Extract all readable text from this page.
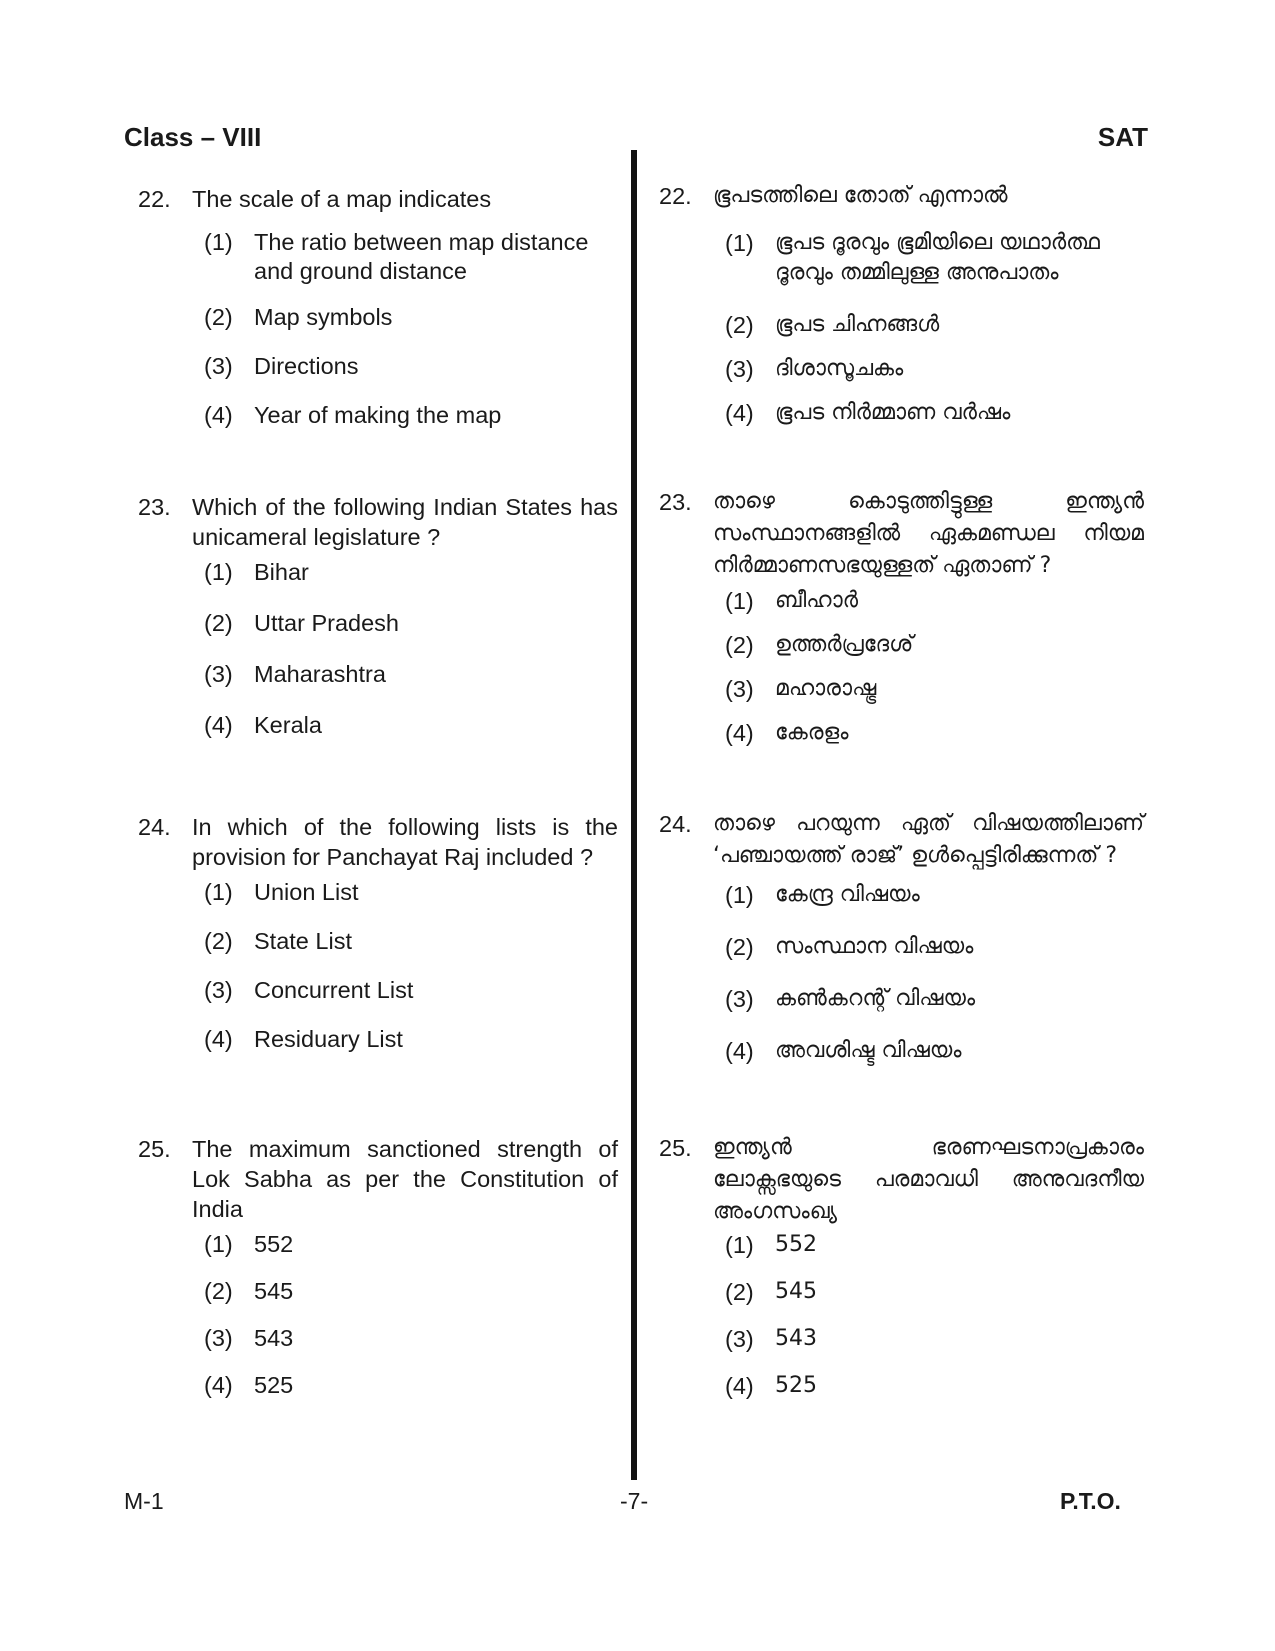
Class – VIII	SAT
22. The scale of a map indicates
(1) The ratio between map distance and ground distance
(2) Map symbols
(3) Directions
(4) Year of making the map
23. Which of the following Indian States has unicameral legislature ?
(1) Bihar
(2) Uttar Pradesh
(3) Maharashtra
(4) Kerala
24. In which of the following lists is the provision for Panchayat Raj included ?
(1) Union List
(2) State List
(3) Concurrent List
(4) Residuary List
25. The maximum sanctioned strength of Lok Sabha as per the Constitution of India
(1) 552
(2) 545
(3) 543
(4) 525
22. ഭൂപടത്തിലെ തോത് എന്നാൽ
(1) ഭൂപട ദൂരവും ഭൂമിയിലെ യഥാർത്ഥ ദൂരവും തമ്മിലുള്ള അനുപാതം
(2) ഭൂപട ചിഹ്നങ്ങൾ
(3) ദിശാസൂചകം
(4) ഭൂപട നിർമ്മാണ വർഷം
23. താഴെ കൊടുത്തിട്ടുള്ള ഇന്ത്യൻ സംസ്ഥാനങ്ങളിൽ ഏകമണ്ഡല നിയമ നിർമ്മാണസഭയുള്ളത് ഏതാണ് ?
(1) ബീഹാർ
(2) ഉത്തർപ്രദേശ്
(3) മഹാരാഷ്ട്ര
(4) കേരളം
24. താഴെ പറയുന്ന ഏത് വിഷയത്തിലാണ് ‘പഞ്ചായത്ത് രാജ്’ ഉൾപ്പെട്ടിരിക്കുന്നത് ?
(1) കേന്ദ്ര വിഷയം
(2) സംസ്ഥാന വിഷയം
(3) കൺകറന്റ് വിഷയം
(4) അവശിഷ്ട വിഷയം
25. ഇന്ത്യൻ ഭരണഘടനാപ്രകാരം ലോക്സഭയുടെ പരമാവധി അനുവദനീയ അംഗസംഖ്യ
(1) 552
(2) 545
(3) 543
(4) 525
M-1	-7-	P.T.O.
